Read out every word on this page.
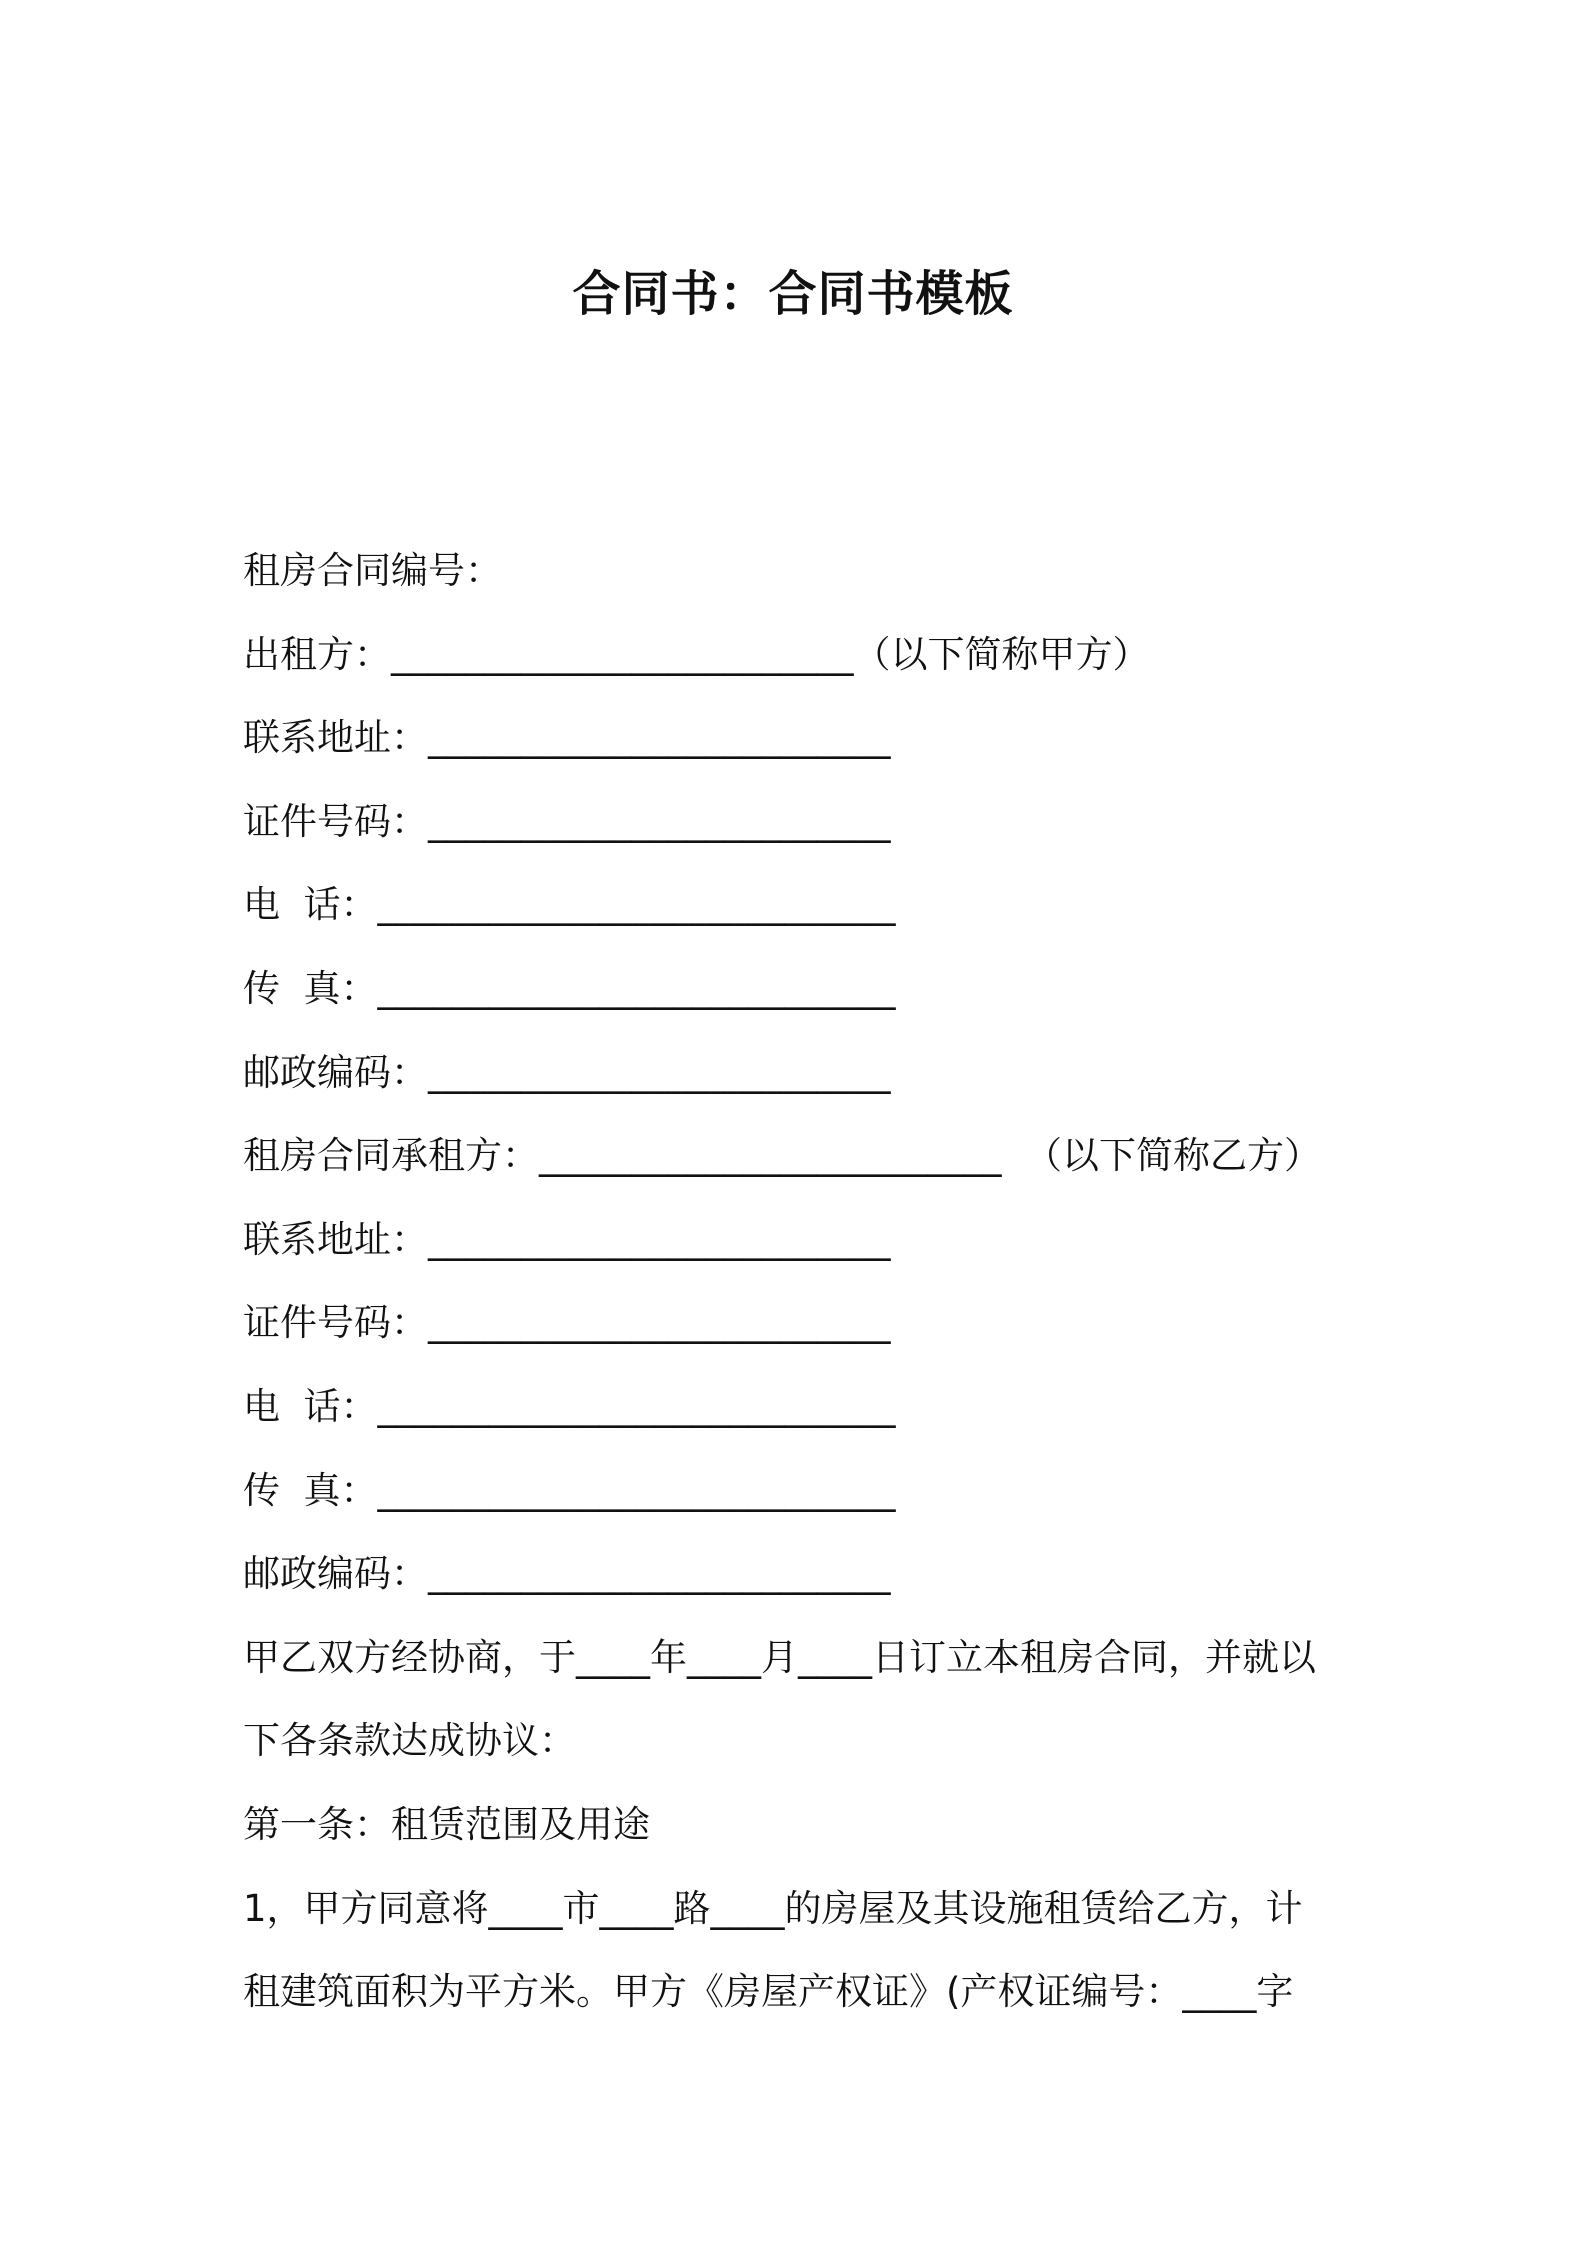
合同书：合同书模板
租房合同编号：
出租方：_________________________（以下简称甲方）
联系地址：_________________________
证件号码：_________________________
电  话：____________________________
传  真：____________________________
邮政编码：_________________________
租房合同承租方：_________________________  （以下简称乙方）
联系地址：_________________________
证件号码：_________________________
电  话：____________________________
传  真：____________________________
邮政编码：_________________________
甲乙双方经协商，于____年____月____日订立本租房合同，并就以
下各条款达成协议：
第一条：租赁范围及用途
1，甲方同意将____市____路____的房屋及其设施租赁给乙方，计
租建筑面积为平方米。甲方《房屋产权证》(产权证编号：____字
